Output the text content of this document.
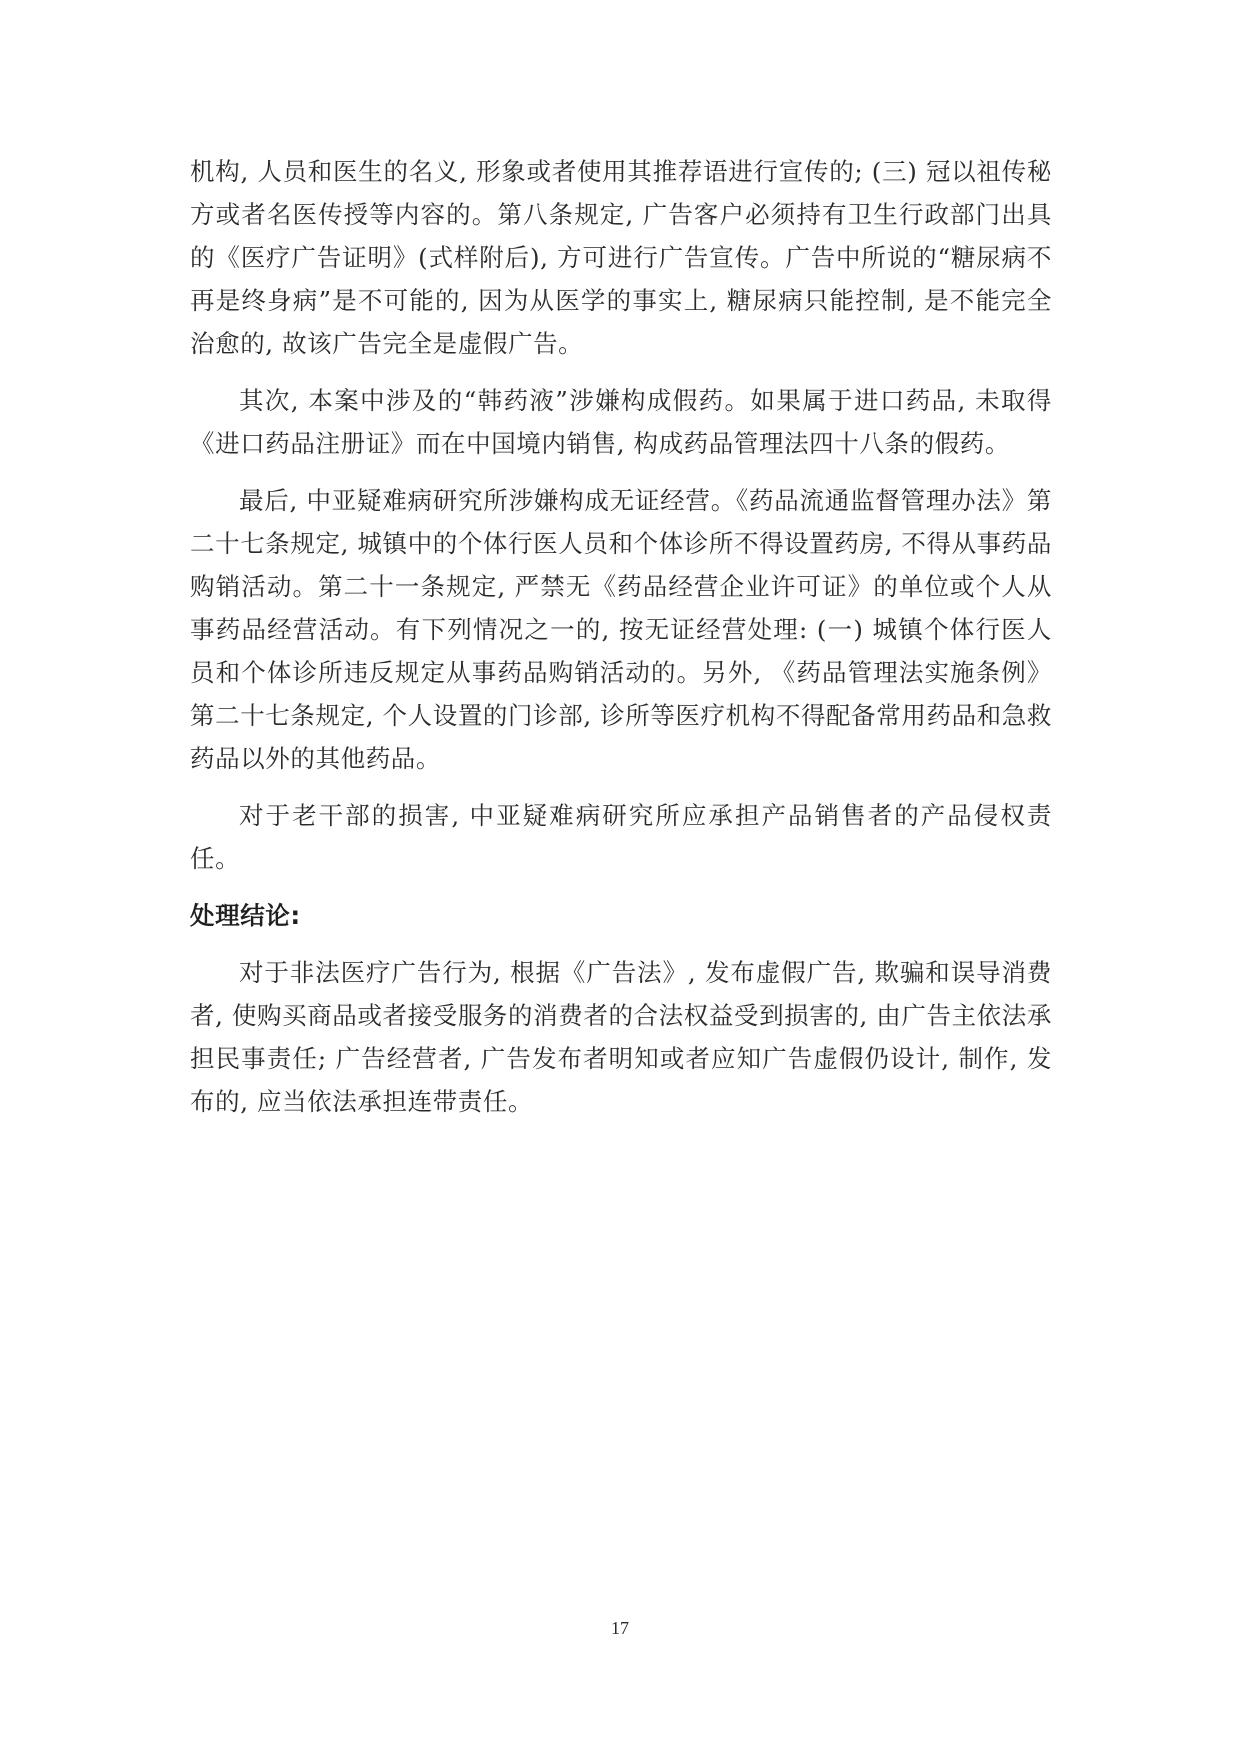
机构, 人员和医生的名义, 形象或者使用其推荐语进行宣传的; (三) 冠以祖传秘方或者名医传授等内容的。第八条规定, 广告客户必须持有卫生行政部门出具的《医疗广告证明》(式样附后), 方可进行广告宣传。广告中所说的“糖尿病不再是终身病”是不可能的, 因为从医学的事实上, 糖尿病只能控制, 是不能完全治愈的, 故该广告完全是虚假广告。

其次, 本案中涉及的“韩药液”涉嫌构成假药。如果属于进口药品, 未取得《进口药品注册证》而在中国境内销售, 构成药品管理法四十八条的假药。

最后, 中亚疑难病研究所涉嫌构成无证经营。《药品流通监督管理办法》第二十七条规定, 城镇中的个体行医人员和个体诊所不得设置药房, 不得从事药品购销活动。第二十一条规定, 严禁无《药品经营企业许可证》的单位或个人从事药品经营活动。有下列情况之一的, 按无证经营处理: (一) 城镇个体行医人员和个体诊所违反规定从事药品购销活动的。另外, 《药品管理法实施条例》第二十七条规定, 个人设置的门诊部, 诊所等医疗机构不得配备常用药品和急救药品以外的其他药品。

对于老干部的损害, 中亚疑难病研究所应承担产品销售者的产品侵权责任。

处理结论:

对于非法医疗广告行为, 根据《广告法》, 发布虚假广告, 欺骗和误导消费者, 使购买商品或者接受服务的消费者的合法权益受到损害的, 由广告主依法承担民事责任; 广告经营者, 广告发布者明知或者应知广告虚假仍设计, 制作, 发布的, 应当依法承担连带责任。

17
